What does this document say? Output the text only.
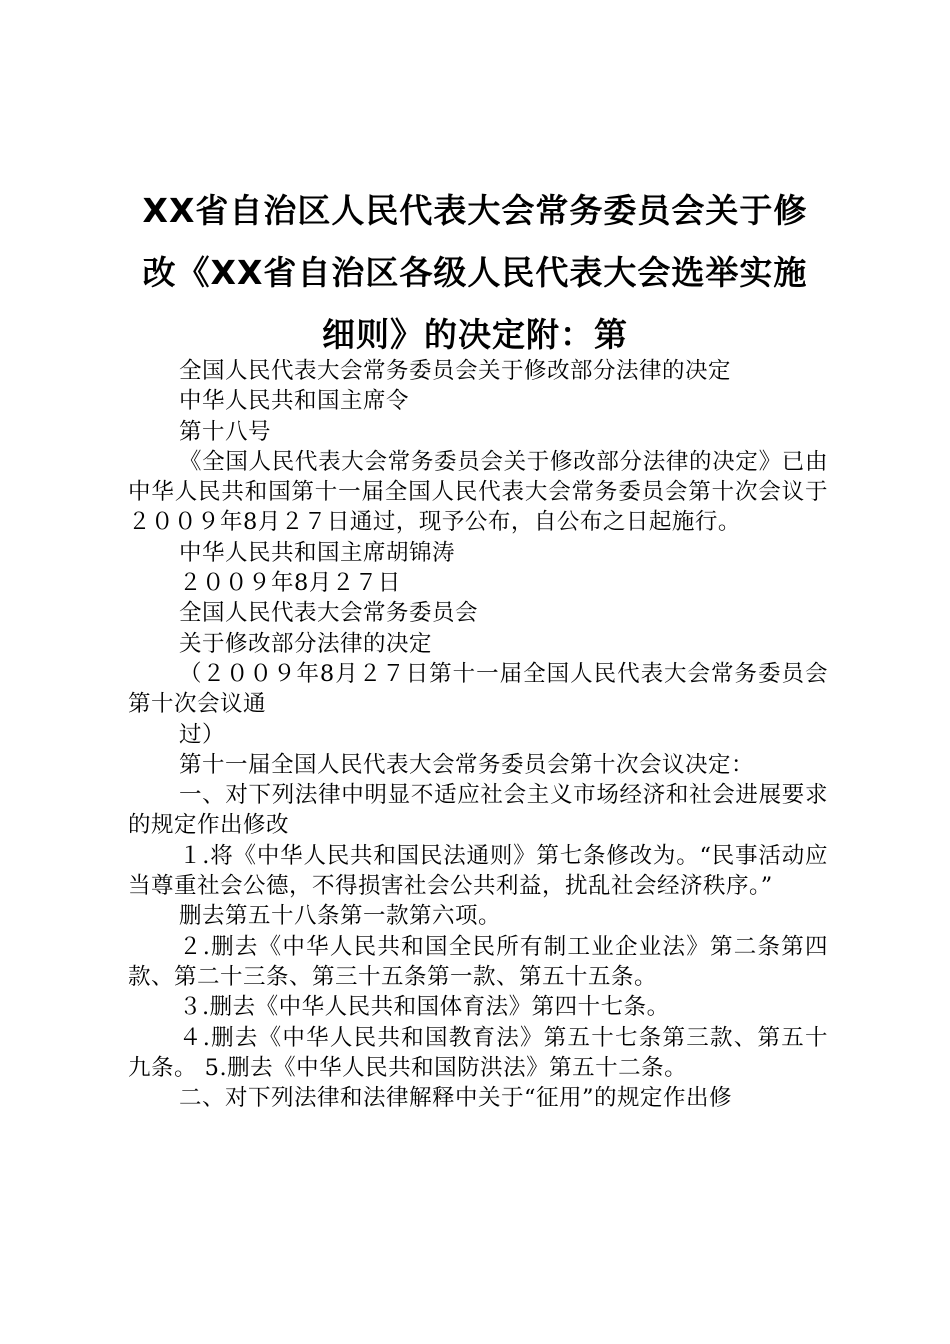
XX省自治区人民代表大会常务委员会关于修
改《XX省自治区各级人民代表大会选举实施
细则》的决定附：第

全国人民代表大会常务委员会关于修改部分法律的决定

中华人民共和国主席令

第十八号

《全国人民代表大会常务委员会关于修改部分法律的决定》已由中华人民共和国第十一届全国人民代表大会常务委员会第十次会议于２００９年8月２７日通过，现予公布，自公布之日起施行。

中华人民共和国主席胡锦涛

２００９年8月２７日

全国人民代表大会常务委员会

关于修改部分法律的决定

（２００９年8月２７日第十一届全国人民代表大会常务委员会第十次会议通

过）

第十一届全国人民代表大会常务委员会第十次会议决定：

一、对下列法律中明显不适应社会主义市场经济和社会进展要求的规定作出修改

１.将《中华人民共和国民法通则》第七条修改为。“民事活动应当尊重社会公德，不得损害社会公共利益，扰乱社会经济秩序。”

删去第五十八条第一款第六项。

２.删去《中华人民共和国全民所有制工业企业法》第二条第四款、第二十三条、第三十五条第一款、第五十五条。

３.删去《中华人民共和国体育法》第四十七条。

４.删去《中华人民共和国教育法》第五十七条第三款、第五十九条。 5.删去《中华人民共和国防洪法》第五十二条。

二、对下列法律和法律解释中关于“征用”的规定作出修
